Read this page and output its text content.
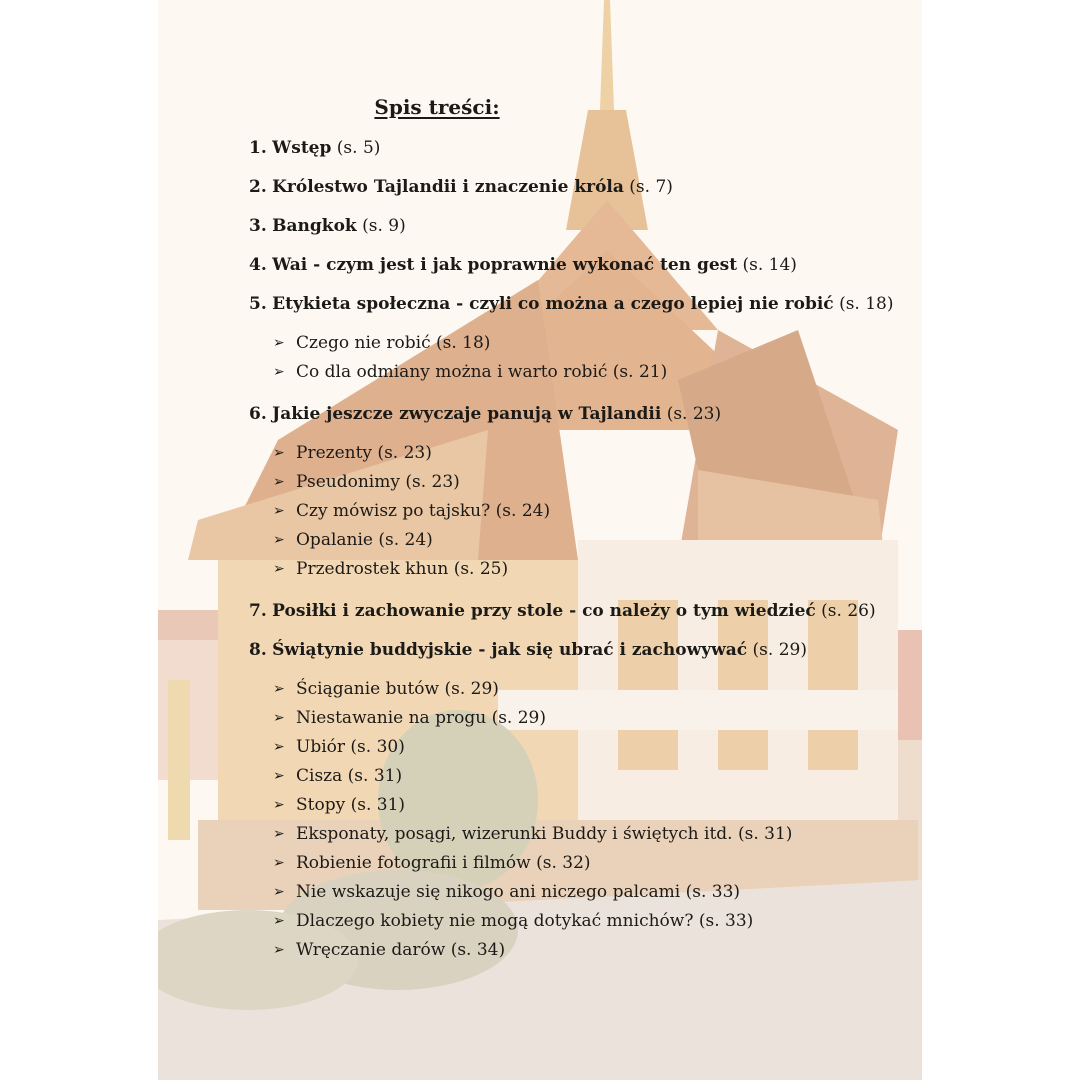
Spis treści:
1. Wstęp (s. 5)
2. Królestwo Tajlandii i znaczenie króla (s. 7)
3. Bangkok (s. 9)
4. Wai - czym jest i jak poprawnie wykonać ten gest (s. 14)
5. Etykieta społeczna - czyli co można a czego lepiej nie robić (s. 18)
➢ Czego nie robić (s. 18)
➢ Co dla odmiany można i warto robić (s. 21)
6. Jakie jeszcze zwyczaje panują w Tajlandii (s. 23)
➢ Prezenty (s. 23)
➢ Pseudonimy (s. 23)
➢ Czy mówisz po tajsku? (s. 24)
➢ Opalanie (s. 24)
➢ Przedrostek khun (s. 25)
7. Posiłki i zachowanie przy stole - co należy o tym wiedzieć (s. 26)
8. Świątynie buddyjskie - jak się ubrać i zachowywać (s. 29)
➢ Ściąganie butów (s. 29)
➢ Niestawanie na progu (s. 29)
➢ Ubiór (s. 30)
➢ Cisza (s. 31)
➢ Stopy (s. 31)
➢ Eksponaty, posągi, wizerunki Buddy i świętych itd. (s. 31)
➢ Robienie fotografii i filmów (s. 32)
➢ Nie wskazuje się nikogo ani niczego palcami (s. 33)
➢ Dlaczego kobiety nie mogą dotykać mnichów? (s. 33)
➢ Wręczanie darów (s. 34)
